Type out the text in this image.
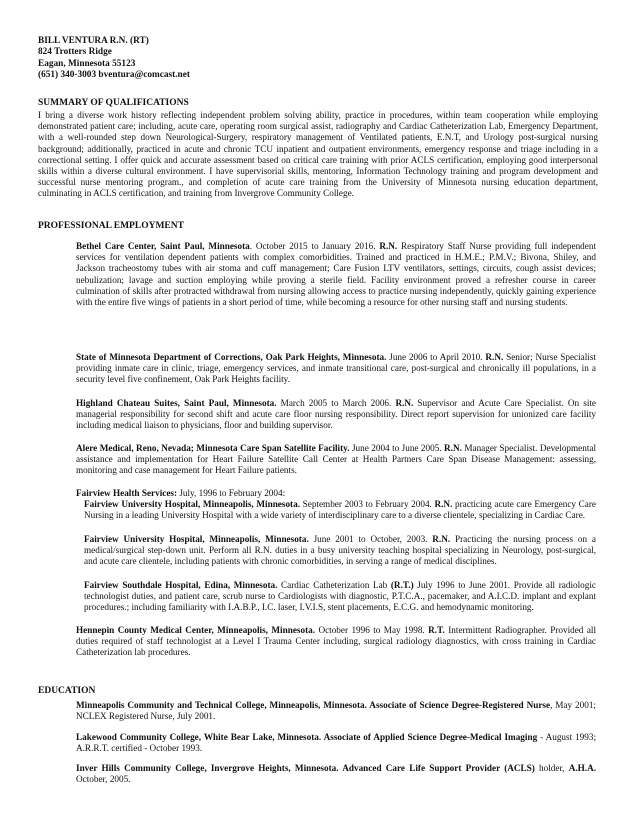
BILL VENTURA R.N. (RT)
824 Trotters Ridge
Eagan, Minnesota 55123
(651) 340-3003 bventura@comcast.net
SUMMARY OF QUALIFICATIONS
I bring a diverse work history reflecting independent problem solving ability, practice in procedures, within team cooperation while employing demonstrated patient care; including, acute care, operating room surgical assist, radiography and Cardiac Catheterization Lab, Emergency Department, with a well-rounded step down Neurological-Surgery, respiratory management of Ventilated patients, E.N.T, and Urology post-surgical nursing background; additionally, practiced in acute and chronic TCU inpatient and outpatient environments, emergency response and triage including in a correctional setting. I offer quick and accurate assessment based on critical care training with prior ACLS certification, employing good interpersonal skills within a diverse cultural environment. I have supervisorial skills, mentoring, Information Technology training and program development and successful nurse mentoring program., and completion of acute care training from the University of Minnesota nursing education department, culminating in ACLS certification, and training from Invergrove Community College.
PROFESSIONAL EMPLOYMENT
Bethel Care Center, Saint Paul, Minnesota. October 2015 to January 2016. R.N. Respiratory Staff Nurse providing full independent services for ventilation dependent patients with complex comorbidities. Trained and practiced in H.M.E.; P.M.V.; Bivona, Shiley, and Jackson tracheostomy tubes with air stoma and cuff management; Care Fusion LTV ventilators, settings, circuits, cough assist devices; nebulization; lavage and suction employing while proving a sterile field. Facility environment proved a refresher course in career culmination of skills after protracted withdrawal from nursing allowing access to practice nursing independently, quickly gaining experience with the entire five wings of patients in a short period of time, while becoming a resource for other nursing staff and nursing students.
State of Minnesota Department of Corrections, Oak Park Heights, Minnesota. June 2006 to April 2010. R.N. Senior; Nurse Specialist providing inmate care in clinic, triage, emergency services, and inmate transitional care, post-surgical and chronically ill populations, in a security level five confinement, Oak Park Heights facility.
Highland Chateau Suites, Saint Paul, Minnesota. March 2005 to March 2006. R.N. Supervisor and Acute Care Specialist. On site managerial responsibility for second shift and acute care floor nursing responsibility. Direct report supervision for unionized care facility including medical liaison to physicians, floor and building supervisor.
Alere Medical, Reno, Nevada; Minnesota Care Span Satellite Facility. June 2004 to June 2005. R.N. Manager Specialist. Developmental assistance and implementation for Heart Failure Satellite Call Center at Health Partners Care Span Disease Management: assessing, monitoring and case management for Heart Failure patients.
Fairview Health Services: July, 1996 to February 2004:
Fairview University Hospital, Minneapolis, Minnesota. September 2003 to February 2004. R.N. practicing acute care Emergency Care Nursing in a leading University Hospital with a wide variety of interdisciplinary care to a diverse clientele, specializing in Cardiac Care.
Fairview University Hospital, Minneapolis, Minnesota. June 2001 to October, 2003. R.N. Practicing the nursing process on a medical/surgical step-down unit. Perform all R.N. duties in a busy university teaching hospital specializing in Neurology, post-surgical, and acute care clientele, including patients with chronic comorbidities, in serving a range of medical disciplines.
Fairview Southdale Hospital, Edina, Minnesota. Cardiac Catheterization Lab (R.T.) July 1996 to June 2001. Provide all radiologic technologist duties, and patient care, scrub nurse to Cardiologists with diagnostic, P.T.C.A., pacemaker, and A.I.C.D. implant and explant procedures.; including familiarity with I.A.B.P., I.C. laser, I.V.I.S, stent placements, E.C.G. and hemodynamic monitoring.
Hennepin County Medical Center, Minneapolis, Minnesota. October 1996 to May 1998. R.T. Intermittent Radiographer. Provided all duties required of staff technologist at a Level I Trauma Center including, surgical radiology diagnostics, with cross training in Cardiac Catheterization lab procedures.
EDUCATION
Minneapolis Community and Technical College, Minneapolis, Minnesota. Associate of Science Degree-Registered Nurse, May 2001; NCLEX Registered Nurse, July 2001.
Lakewood Community College, White Bear Lake, Minnesota. Associate of Applied Science Degree-Medical Imaging - August 1993; A.R.R.T. certified - October 1993.
Inver Hills Community College, Invergrove Heights, Minnesota. Advanced Care Life Support Provider (ACLS) holder, A.H.A. October, 2005.
